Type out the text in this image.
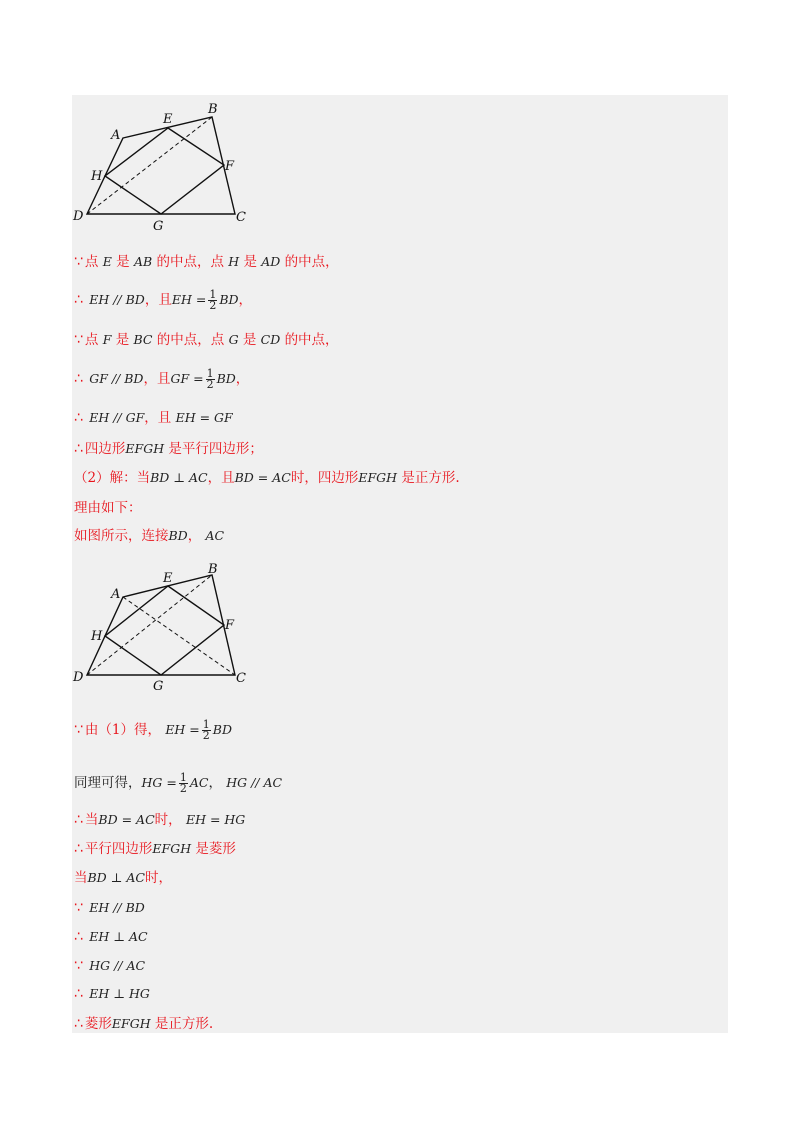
A
E
B
H
F
D
G
C
∵ 点 E 是 AB 的中点，点 H 是 AD 的中点，
∴ EH // BD，且EH = $\frac{1}{2}$ BD，
∵ 点 F 是 BC 的中点，点 G 是 CD 的中点，
∴ GF // BD，且GF = $\frac{1}{2}$ BD，
∴ EH // GF，且 EH = GF
∴ 四边形EFGH 是平行四边形；
（2）解：当BD ⊥ AC，且BD = AC时，四边形EFGH 是正方形.
理由如下：
如图所示，连接BD， AC
A
E
B
H
F
D
G
C
∵ 由（1）得， EH = $\frac{1}{2}$ BD
同理可得，HG = $\frac{1}{2}$ AC， HG // AC
∴ 当BD = AC时， EH = HG
∴ 平行四边形EFGH 是菱形
当BD ⊥ AC时，
∵ EH // BD
∴ EH ⊥ AC
∵ HG // AC
∴ EH ⊥ HG
∴ 菱形EFGH 是正方形.
